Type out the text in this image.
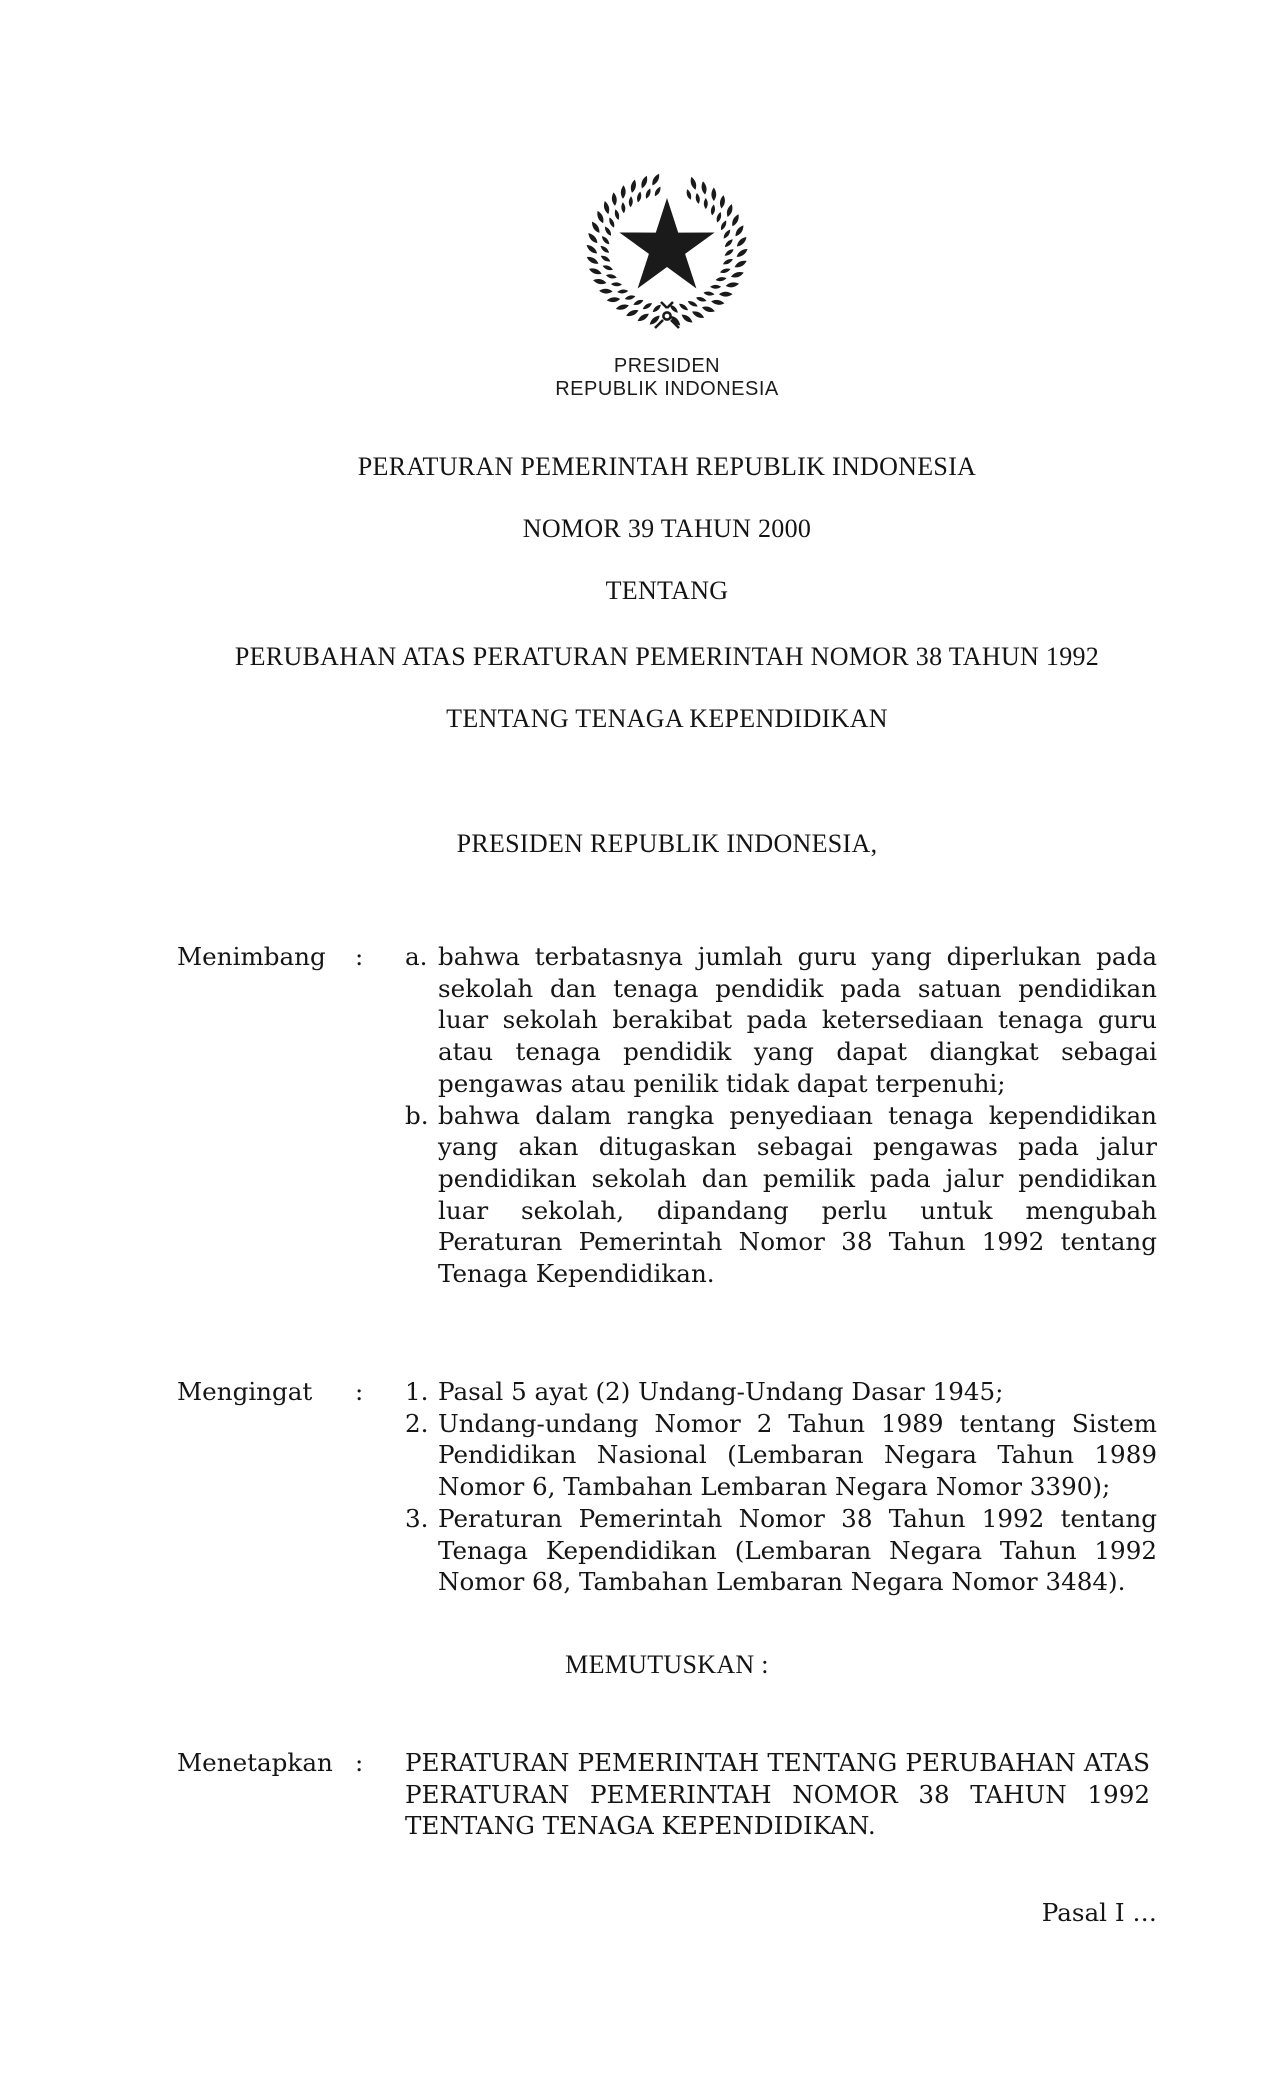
PRESIDEN
REPUBLIK INDONESIA
PERATURAN PEMERINTAH REPUBLIK INDONESIA
NOMOR 39 TAHUN 2000
TENTANG
PERUBAHAN ATAS PERATURAN PEMERINTAH NOMOR 38 TAHUN 1992
TENTANG TENAGA KEPENDIDIKAN
PRESIDEN REPUBLIK INDONESIA,
Menimbang	:	a. bahwa terbatasnya jumlah guru yang diperlukan pada sekolah dan tenaga pendidik pada satuan pendidikan luar sekolah berakibat pada ketersediaan tenaga guru atau tenaga pendidik yang dapat diangkat sebagai pengawas atau penilik tidak dapat terpenuhi;
b. bahwa dalam rangka penyediaan tenaga kependidikan yang akan ditugaskan sebagai pengawas pada jalur pendidikan sekolah dan pemilik pada jalur pendidikan luar sekolah, dipandang perlu untuk mengubah Peraturan Pemerintah Nomor 38 Tahun 1992 tentang Tenaga Kependidikan.
Mengingat	:	1. Pasal 5 ayat (2) Undang-Undang Dasar 1945;
2. Undang-undang Nomor 2 Tahun 1989 tentang Sistem Pendidikan Nasional (Lembaran Negara Tahun 1989 Nomor 6, Tambahan Lembaran Negara Nomor 3390);
3. Peraturan Pemerintah Nomor 38 Tahun 1992 tentang Tenaga Kependidikan (Lembaran Negara Tahun 1992 Nomor 68, Tambahan Lembaran Negara Nomor 3484).
MEMUTUSKAN :
Menetapkan :	PERATURAN PEMERINTAH TENTANG PERUBAHAN ATAS PERATURAN PEMERINTAH NOMOR 38 TAHUN 1992 TENTANG TENAGA KEPENDIDIKAN.
Pasal I …
